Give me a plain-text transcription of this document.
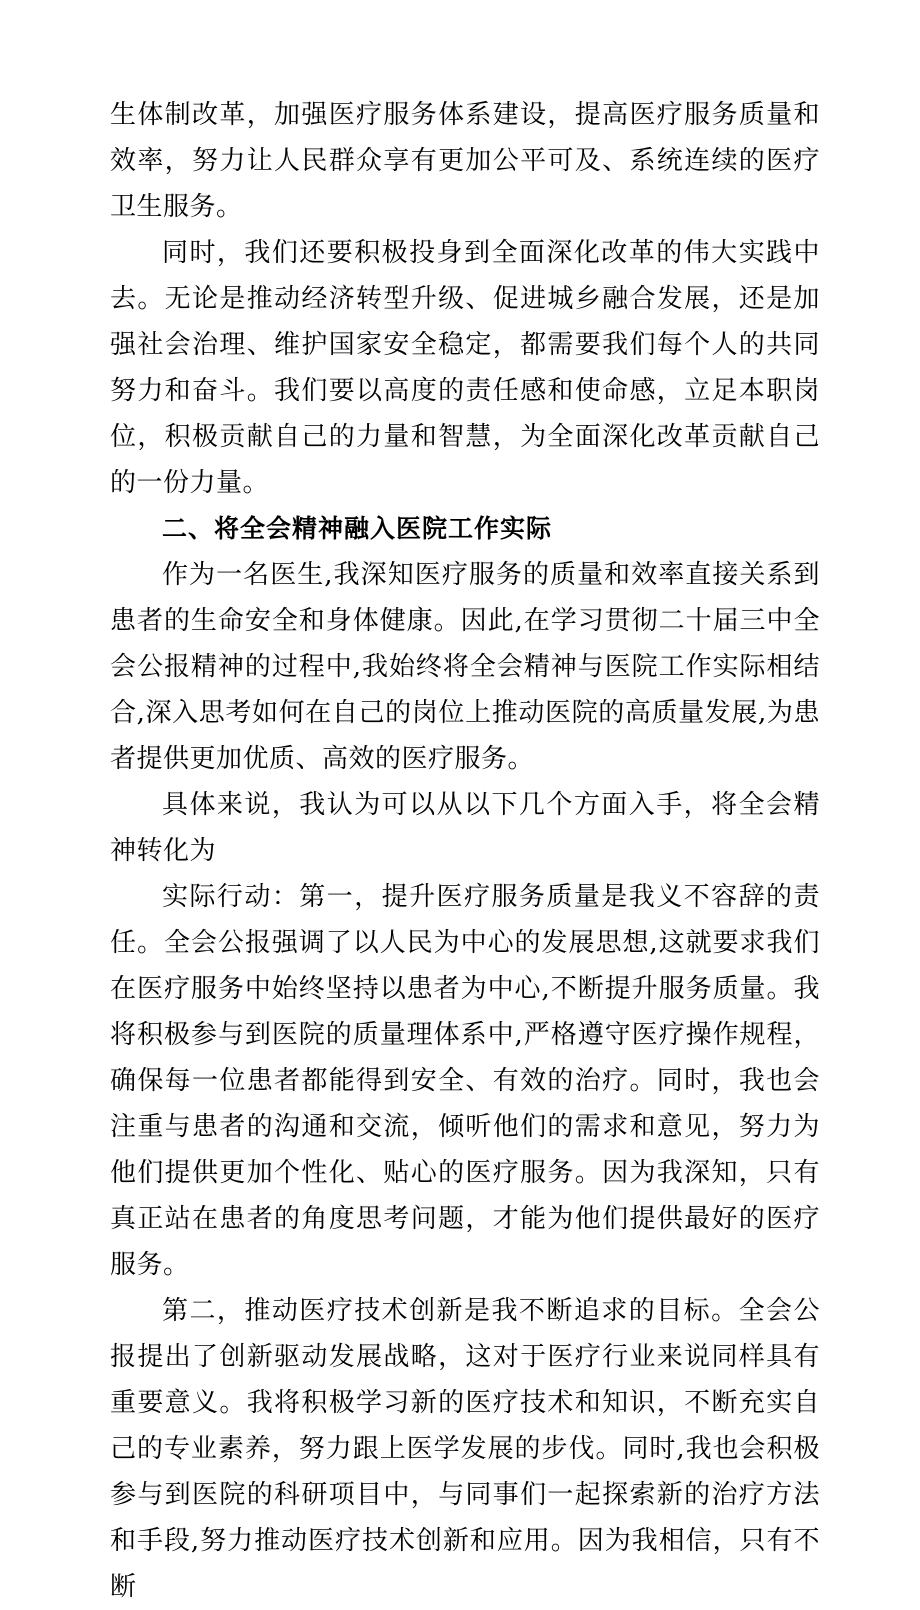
生体制改革，加强医疗服务体系建设，提高医疗服务质量和效率，努力让人民群众享有更加公平可及、系统连续的医疗卫生服务。

同时，我们还要积极投身到全面深化改革的伟大实践中去。无论是推动经济转型升级、促进城乡融合发展，还是加强社会治理、维护国家安全稳定，都需要我们每个人的共同努力和奋斗。我们要以高度的责任感和使命感，立足本职岗位，积极贡献自己的力量和智慧，为全面深化改革贡献自己的一份力量。

二、将全会精神融入医院工作实际

作为一名医生,我深知医疗服务的质量和效率直接关系到患者的生命安全和身体健康。因此,在学习贯彻二十届三中全会公报精神的过程中,我始终将全会精神与医院工作实际相结合,深入思考如何在自己的岗位上推动医院的高质量发展,为患者提供更加优质、高效的医疗服务。

具体来说，我认为可以从以下几个方面入手，将全会精神转化为

实际行动：第一，提升医疗服务质量是我义不容辞的责任。全会公报强调了以人民为中心的发展思想,这就要求我们在医疗服务中始终坚持以患者为中心,不断提升服务质量。我将积极参与到医院的质量理体系中,严格遵守医疗操作规程，确保每一位患者都能得到安全、有效的治疗。同时，我也会注重与患者的沟通和交流，倾听他们的需求和意见，努力为他们提供更加个性化、贴心的医疗服务。因为我深知，只有真正站在患者的角度思考问题，才能为他们提供最好的医疗服务。

第二，推动医疗技术创新是我不断追求的目标。全会公报提出了创新驱动发展战略，这对于医疗行业来说同样具有重要意义。我将积极学习新的医疗技术和知识，不断充实自己的专业素养，努力跟上医学发展的步伐。同时,我也会积极参与到医院的科研项目中，与同事们一起探索新的治疗方法和手段,努力推动医疗技术创新和应用。因为我相信，只有不断
